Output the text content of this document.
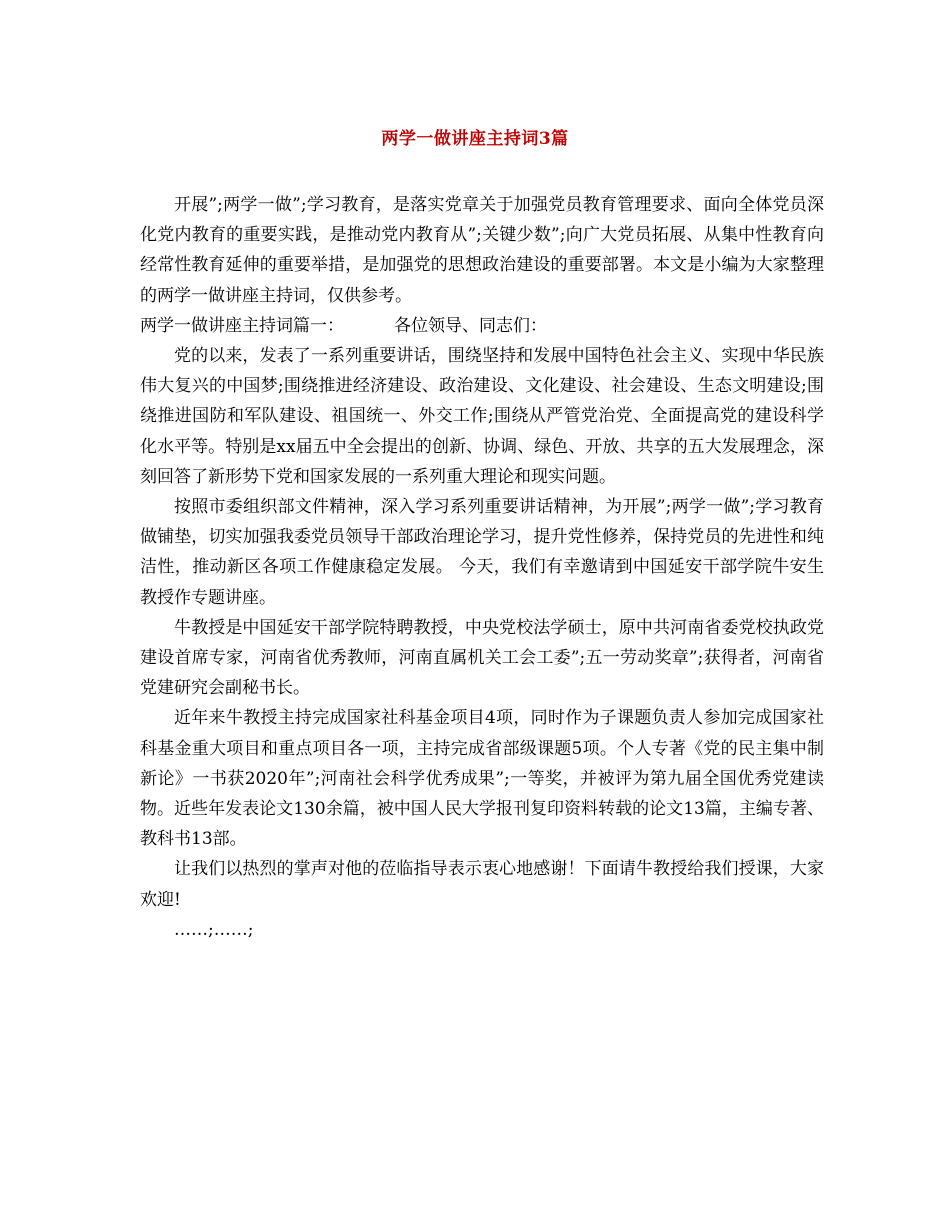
两学一做讲座主持词3篇

开展”;两学一做”;学习教育，是落实党章关于加强党员教育管理要求、面向全体党员深化党内教育的重要实践，是推动党内教育从”;关键少数”;向广大党员拓展、从集中性教育向经常性教育延伸的重要举措，是加强党的思想政治建设的重要部署。本文是小编为大家整理的两学一做讲座主持词，仅供参考。

两学一做讲座主持词篇一：	各位领导、同志们：

党的以来，发表了一系列重要讲话，围绕坚持和发展中国特色社会主义、实现中华民族伟大复兴的中国梦;围绕推进经济建设、政治建设、文化建设、社会建设、生态文明建设;围绕推进国防和军队建设、祖国统一、外交工作;围绕从严管党治党、全面提高党的建设科学化水平等。特别是xx届五中全会提出的创新、协调、绿色、开放、共享的五大发展理念，深刻回答了新形势下党和国家发展的一系列重大理论和现实问题。

按照市委组织部文件精神，深入学习系列重要讲话精神，为开展”;两学一做”;学习教育做铺垫，切实加强我委党员领导干部政治理论学习，提升党性修养，保持党员的先进性和纯洁性，推动新区各项工作健康稳定发展。 今天，我们有幸邀请到中国延安干部学院牛安生教授作专题讲座。

牛教授是中国延安干部学院特聘教授，中央党校法学硕士，原中共河南省委党校执政党建设首席专家，河南省优秀教师，河南直属机关工会工委”;五一劳动奖章”;获得者，河南省党建研究会副秘书长。

近年来牛教授主持完成国家社科基金项目4项，同时作为子课题负责人参加完成国家社科基金重大项目和重点项目各一项，主持完成省部级课题5项。个人专著《党的民主集中制新论》一书获2020年”;河南社会科学优秀成果”;一等奖，并被评为第九届全国优秀党建读物。近些年发表论文130余篇，被中国人民大学报刊复印资料转载的论文13篇，主编专著、教科书13部。

让我们以热烈的掌声对他的莅临指导表示衷心地感谢！下面请牛教授给我们授课，大家欢迎!

……;……;
